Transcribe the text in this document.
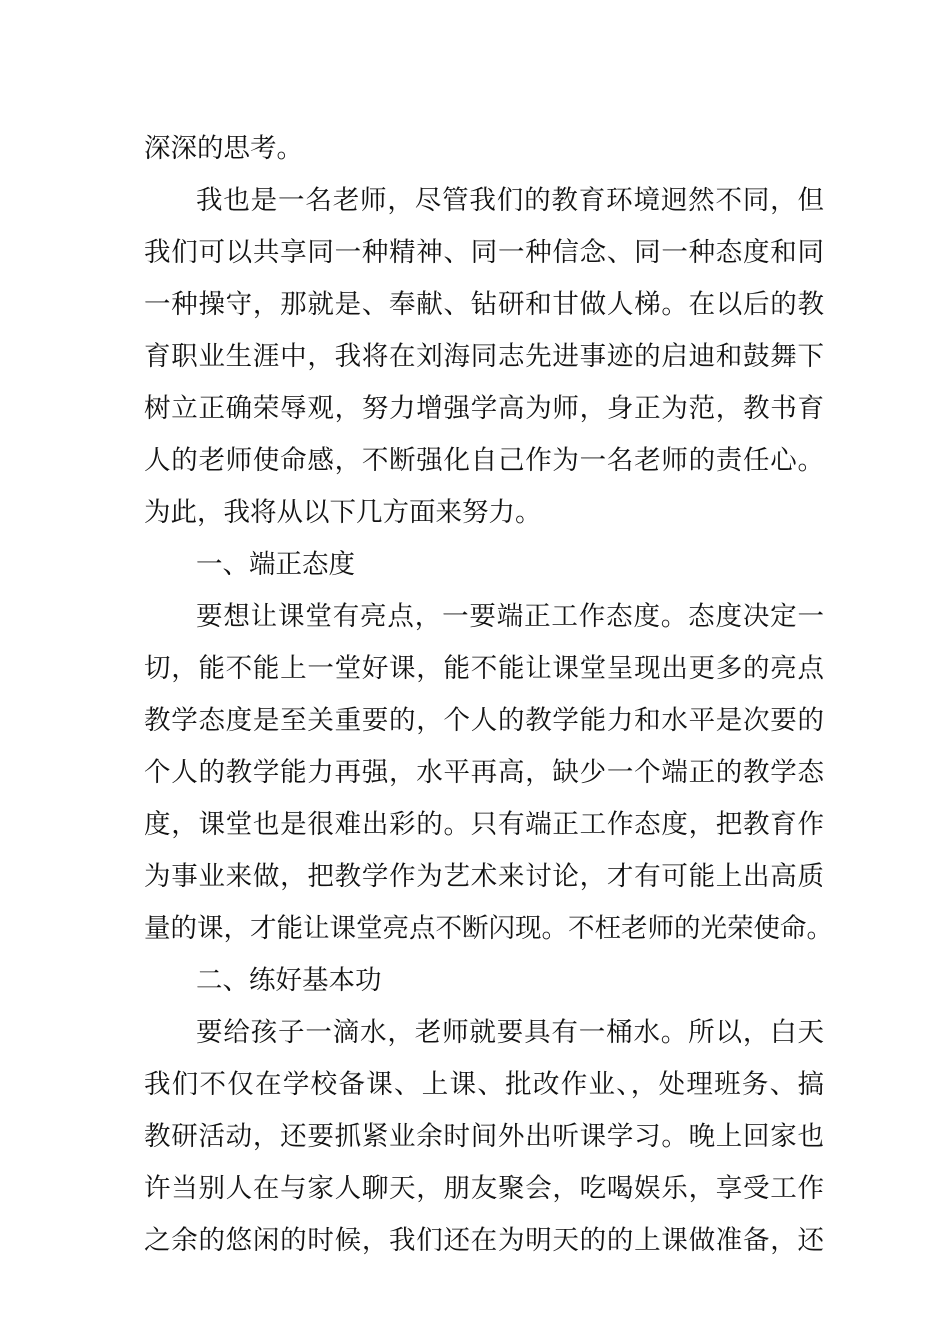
深深的思考。
我也是一名老师，尽管我们的教育环境迥然不同，但
我们可以共享同一种精神、同一种信念、同一种态度和同
一种操守，那就是、奉献、钻研和甘做人梯。在以后的教
育职业生涯中，我将在刘海同志先进事迹的启迪和鼓舞下
树立正确荣辱观，努力增强学高为师，身正为范，教书育
人的老师使命感，不断强化自己作为一名老师的责任心。
为此，我将从以下几方面来努力。
一、端正态度
要想让课堂有亮点，一要端正工作态度。态度决定一
切，能不能上一堂好课，能不能让课堂呈现出更多的亮点
教学态度是至关重要的，个人的教学能力和水平是次要的
个人的教学能力再强，水平再高，缺少一个端正的教学态
度，课堂也是很难出彩的。只有端正工作态度，把教育作
为事业来做，把教学作为艺术来讨论，才有可能上出高质
量的课，才能让课堂亮点不断闪现。不枉老师的光荣使命。
二、练好基本功
要给孩子一滴水，老师就要具有一桶水。所以，白天
我们不仅在学校备课、上课、批改作业、，处理班务、搞
教研活动，还要抓紧业余时间外出听课学习。晚上回家也
许当别人在与家人聊天，朋友聚会，吃喝娱乐，享受工作
之余的悠闲的时候，我们还在为明天的的上课做准备，还
